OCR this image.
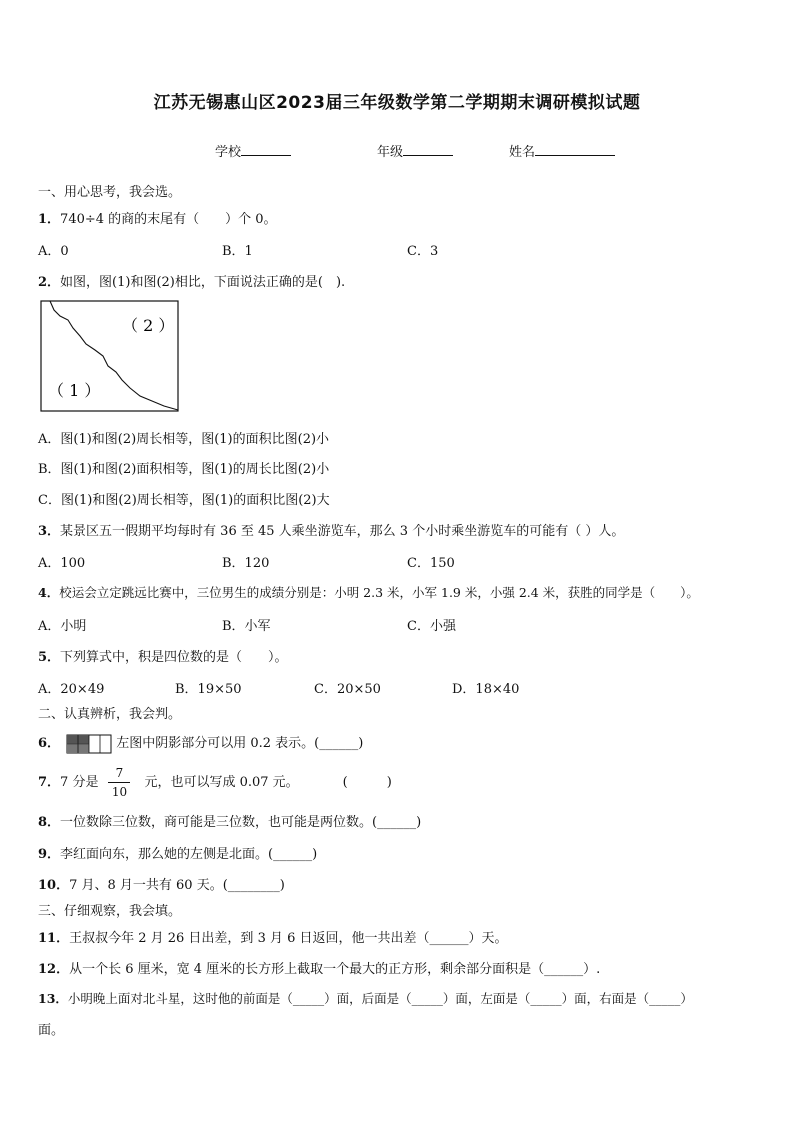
江苏无锡惠山区2023届三年级数学第二学期期末调研模拟试题
学校	年级	姓名
一、用心思考，我会选。
1．740÷4 的商的末尾有（　　）个 0。
A．0	B．1	C．3
2．如图，图(1)和图(2)相比，下面说法正确的是(　).
（ 2 ）
（ 1 ）
A．图(1)和图(2)周长相等，图(1)的面积比图(2)小
B．图(1)和图(2)面积相等，图(1)的周长比图(2)小
C．图(1)和图(2)周长相等，图(1)的面积比图(2)大
3．某景区五一假期平均每时有 36 至 45 人乘坐游览车，那么 3 个小时乘坐游览车的可能有（ ）人。
A．100	B．120	C．150
4．校运会立定跳远比赛中，三位男生的成绩分别是：小明 2.3 米，小军 1.9 米，小强 2.4 米，获胜的同学是（　　）。
A．小明	B．小军	C．小强
5．下列算式中，积是四位数的是（　　）。
A．20×49	B．19×50	C．20×50	D．18×40
二、认真辨析，我会判。
6．	左图中阴影部分可以用 0.2 表示。(______)
7．7 分是 $\frac{7}{10}$ 元，也可以写成 0.07 元。	(　　　)
8．一位数除三位数，商可能是三位数，也可能是两位数。(______)
9．李红面向东，那么她的左侧是北面。(______)
10．7 月、8 月一共有 60 天。(________)
三、仔细观察，我会填。
11．王叔叔今年 2 月 26 日出差，到 3 月 6 日返回，他一共出差（______）天。
12．从一个长 6 厘米，宽 4 厘米的长方形上截取一个最大的正方形，剩余部分面积是（______）.
13．小明晚上面对北斗星，这时他的前面是（_____）面，后面是（_____）面，左面是（_____）面，右面是（_____）
面。
